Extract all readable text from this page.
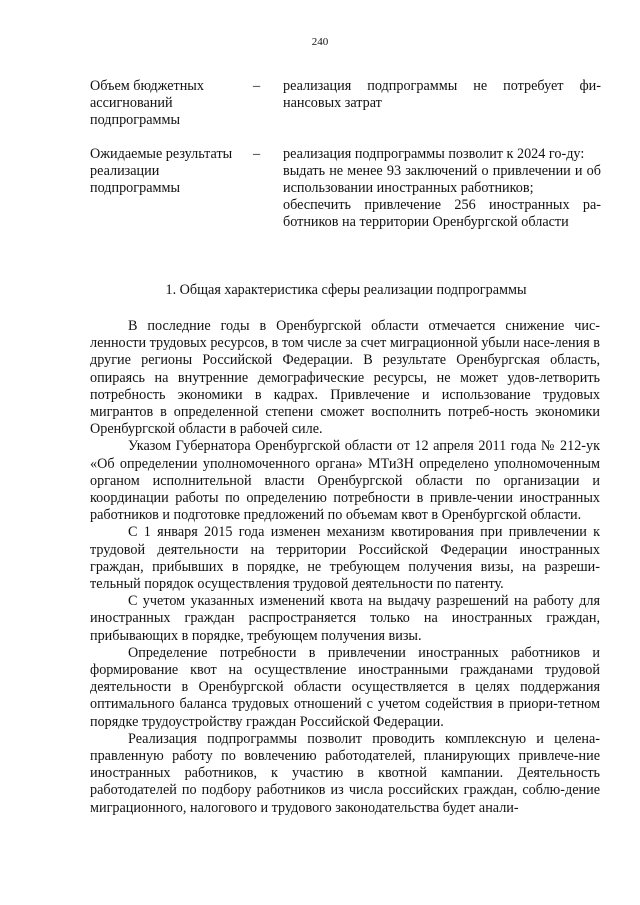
240
Объем бюджетных
ассигнований
подпрограммы
–	реализация подпрограммы не потребует фи-нансовых затрат

Ожидаемые результаты
реализации
подпрограммы
–	реализация подпрограммы позволит к 2024 го-ду:

выдать не менее 93 заключений о привлечении и об использовании иностранных работников;

обеспечить привлечение 256 иностранных ра-ботников на территории Оренбургской области

1. Общая характеристика сферы реализации подпрограммы

В последние годы в Оренбургской области отмечается снижение чис-ленности трудовых ресурсов, в том числе за счет миграционной убыли насе-ления в другие регионы Российской Федерации. В результате Оренбургская область, опираясь на внутренние демографические ресурсы, не может удов-летворить потребность экономики в кадрах. Привлечение и использование трудовых мигрантов в определенной степени сможет восполнить потреб-ность экономики Оренбургской области в рабочей силе.

Указом Губернатора Оренбургской области от 12 апреля 2011 года № 212-ук «Об определении уполномоченного органа» МТиЗН определено уполномоченным органом исполнительной власти Оренбургской области по организации и координации работы по определению потребности в привле-чении иностранных работников и подготовке предложений по объемам квот в Оренбургской области.

С 1 января 2015 года изменен механизм квотирования при привлечении к трудовой деятельности на территории Российской Федерации иностранных граждан, прибывших в порядке, не требующем получения визы, на разреши-тельный порядок осуществления трудовой деятельности по патенту.

С учетом указанных изменений квота на выдачу разрешений на работу для иностранных граждан распространяется только на иностранных граждан, прибывающих в порядке, требующем получения визы.

Определение потребности в привлечении иностранных работников и формирование квот на осуществление иностранными гражданами трудовой деятельности в Оренбургской области осуществляется в целях поддержания оптимального баланса трудовых отношений с учетом содействия в приори-тетном порядке трудоустройству граждан Российской Федерации.

Реализация подпрограммы позволит проводить комплексную и целена-правленную работу по вовлечению работодателей, планирующих привлече-ние иностранных работников, к участию в квотной кампании. Деятельность работодателей по подбору работников из числа российских граждан, соблю-дение миграционного, налогового и трудового законодательства будет анали-
